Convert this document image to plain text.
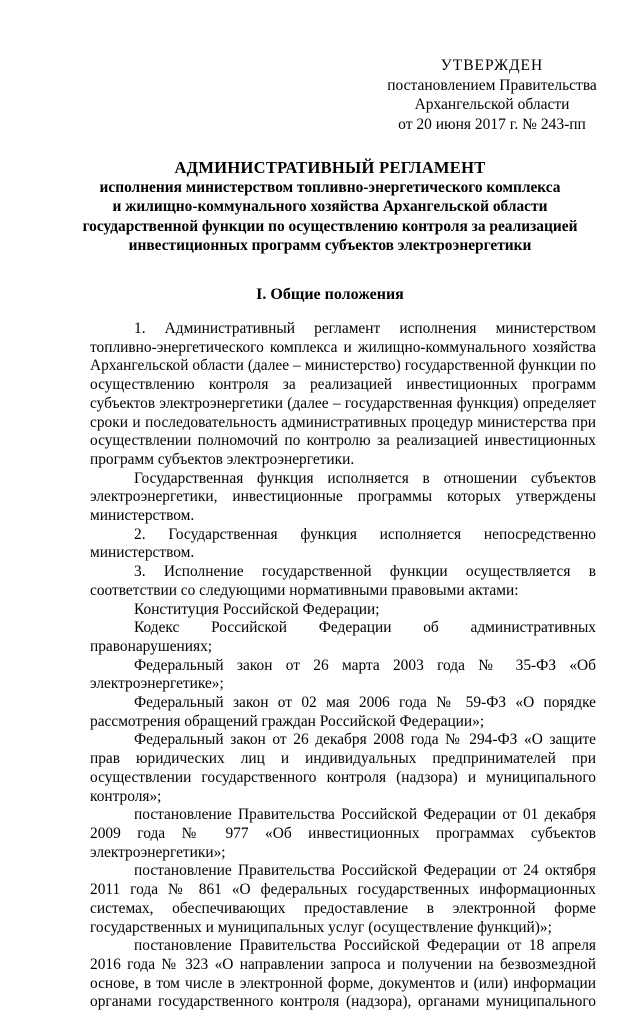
УТВЕРЖДЕН
постановлением Правительства
Архангельской области
от 20 июня 2017 г. № 243-пп
АДМИНИСТРАТИВНЫЙ РЕГЛАМЕНТ
исполнения министерством топливно-энергетического комплекса
и жилищно-коммунального хозяйства Архангельской области
государственной функции по осуществлению контроля за реализацией
инвестиционных программ субъектов электроэнергетики
I. Общие положения

1. Административный регламент исполнения министерством топливно-энергетического комплекса и жилищно-коммунального хозяйства Архангельской области (далее – министерство) государственной функции по осуществлению контроля за реализацией инвестиционных программ субъектов электроэнергетики (далее – государственная функция) определяет сроки и последовательность административных процедур министерства при осуществлении полномочий по контролю за реализацией инвестиционных программ субъектов электроэнергетики.

Государственная функция исполняется в отношении субъектов электроэнергетики, инвестиционные программы которых утверждены министерством.

2. Государственная функция исполняется непосредственно министерством.

3. Исполнение государственной функции осуществляется в соответствии со следующими нормативными правовыми актами:

Конституция Российской Федерации;

Кодекс Российской Федерации об административных правонарушениях;

Федеральный закон от 26 марта 2003 года № 35-ФЗ «Об электроэнергетике»;

Федеральный закон от 02 мая 2006 года № 59-ФЗ «О порядке рассмотрения обращений граждан Российской Федерации»;

Федеральный закон от 26 декабря 2008 года № 294-ФЗ «О защите прав юридических лиц и индивидуальных предпринимателей при осуществлении государственного контроля (надзора) и муниципального контроля»;

постановление Правительства Российской Федерации от 01 декабря 2009 года № 977 «Об инвестиционных программах субъектов электроэнергетики»;

постановление Правительства Российской Федерации от 24 октября 2011 года № 861 «О федеральных государственных информационных системах, обеспечивающих предоставление в электронной форме государственных и муниципальных услуг (осуществление функций)»;

постановление Правительства Российской Федерации от 18 апреля 2016 года № 323 «О направлении запроса и получении на безвозмездной основе, в том числе в электронной форме, документов и (или) информации органами государственного контроля (надзора), органами муниципального
